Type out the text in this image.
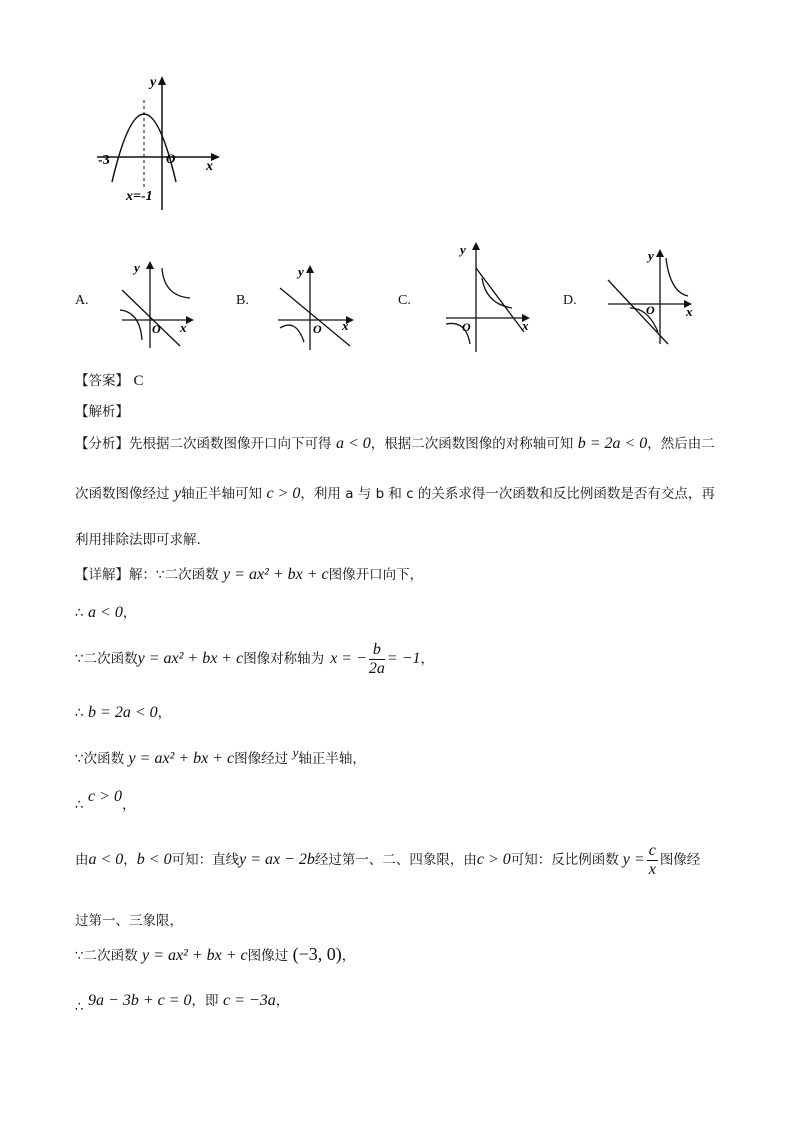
y
x
O
-3
x=-1
A.
y
x
O
B.
y
x
O
C.
y
x
O
D.
y
x
O
【答案】 C
【解析】
【分析】先根据二次函数图像开口向下可得 a < 0，根据二次函数图像的对称轴可知 b = 2a < 0，然后由二
次函数图像经过 y轴正半轴可知 c > 0，利用 a 与 b 和 c 的关系求得一次函数和反比例函数是否有交点，再
利用排除法即可求解.
【详解】解：∵二次函数 y = ax² + bx + c图像开口向下，
∴ a < 0，
∵二次函数 y = ax² + bx + c 图像对称轴为 x = − $\frac{b}{2a} = -1$ ，
∴ b = 2a < 0，
∵次函数 y = ax² + bx + c图像经过 y轴正半轴，
∴ c > 0，
由 a < 0 ， b < 0 可知：直线 y = ax − 2b 经过第一、二、四象限，由 c > 0 可知：反比例函数 $y = \frac{c}{x}$ 图像经
过第一、三象限，
∵二次函数 y = ax² + bx + c图像过 (−3, 0)，
∴ 9a − 3b + c = 0，即 c = −3a，
